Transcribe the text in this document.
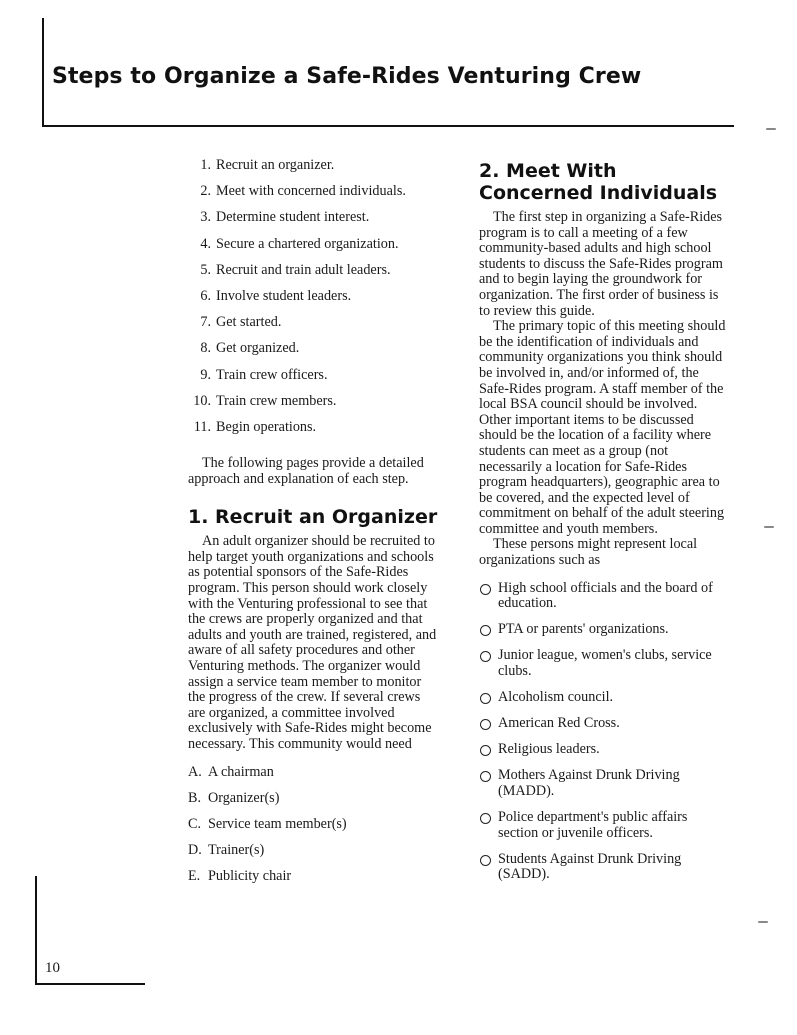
Steps to Organize a Safe-Rides Venturing Crew
1. Recruit an organizer.
2. Meet with concerned individuals.
3. Determine student interest.
4. Secure a chartered organization.
5. Recruit and train adult leaders.
6. Involve student leaders.
7. Get started.
8. Get organized.
9. Train crew officers.
10. Train crew members.
11. Begin operations.

The following pages provide a detailed approach and explanation of each step.

1. Recruit an Organizer

An adult organizer should be recruited to help target youth organizations and schools as potential sponsors of the Safe-Rides program. This person should work closely with the Venturing professional to see that the crews are properly organized and that adults and youth are trained, registered, and aware of all safety procedures and other Venturing methods. The organizer would assign a service team member to monitor the progress of the crew. If several crews are organized, a committee involved exclusively with Safe-Rides might become necessary. This community would need

A. A chairman
B. Organizer(s)
C. Service team member(s)
D. Trainer(s)
E. Publicity chair
2. Meet With Concerned Individuals

The first step in organizing a Safe-Rides program is to call a meeting of a few community-based adults and high school students to discuss the Safe-Rides program and to begin laying the groundwork for organization. The first order of business is to review this guide.

The primary topic of this meeting should be the identification of individuals and community organizations you think should be involved in, and/or informed of, the Safe-Rides program. A staff member of the local BSA council should be involved. Other important items to be discussed should be the location of a facility where students can meet as a group (not necessarily a location for Safe-Rides program headquarters), geographic area to be covered, and the expected level of commitment on behalf of the adult steering committee and youth members.

These persons might represent local organizations such as

High school officials and the board of education.
PTA or parents' organizations.
Junior league, women's clubs, service clubs.
Alcoholism council.
American Red Cross.
Religious leaders.
Mothers Against Drunk Driving (MADD).
Police department's public affairs section or juvenile officers.
Students Against Drunk Driving (SADD).
10
